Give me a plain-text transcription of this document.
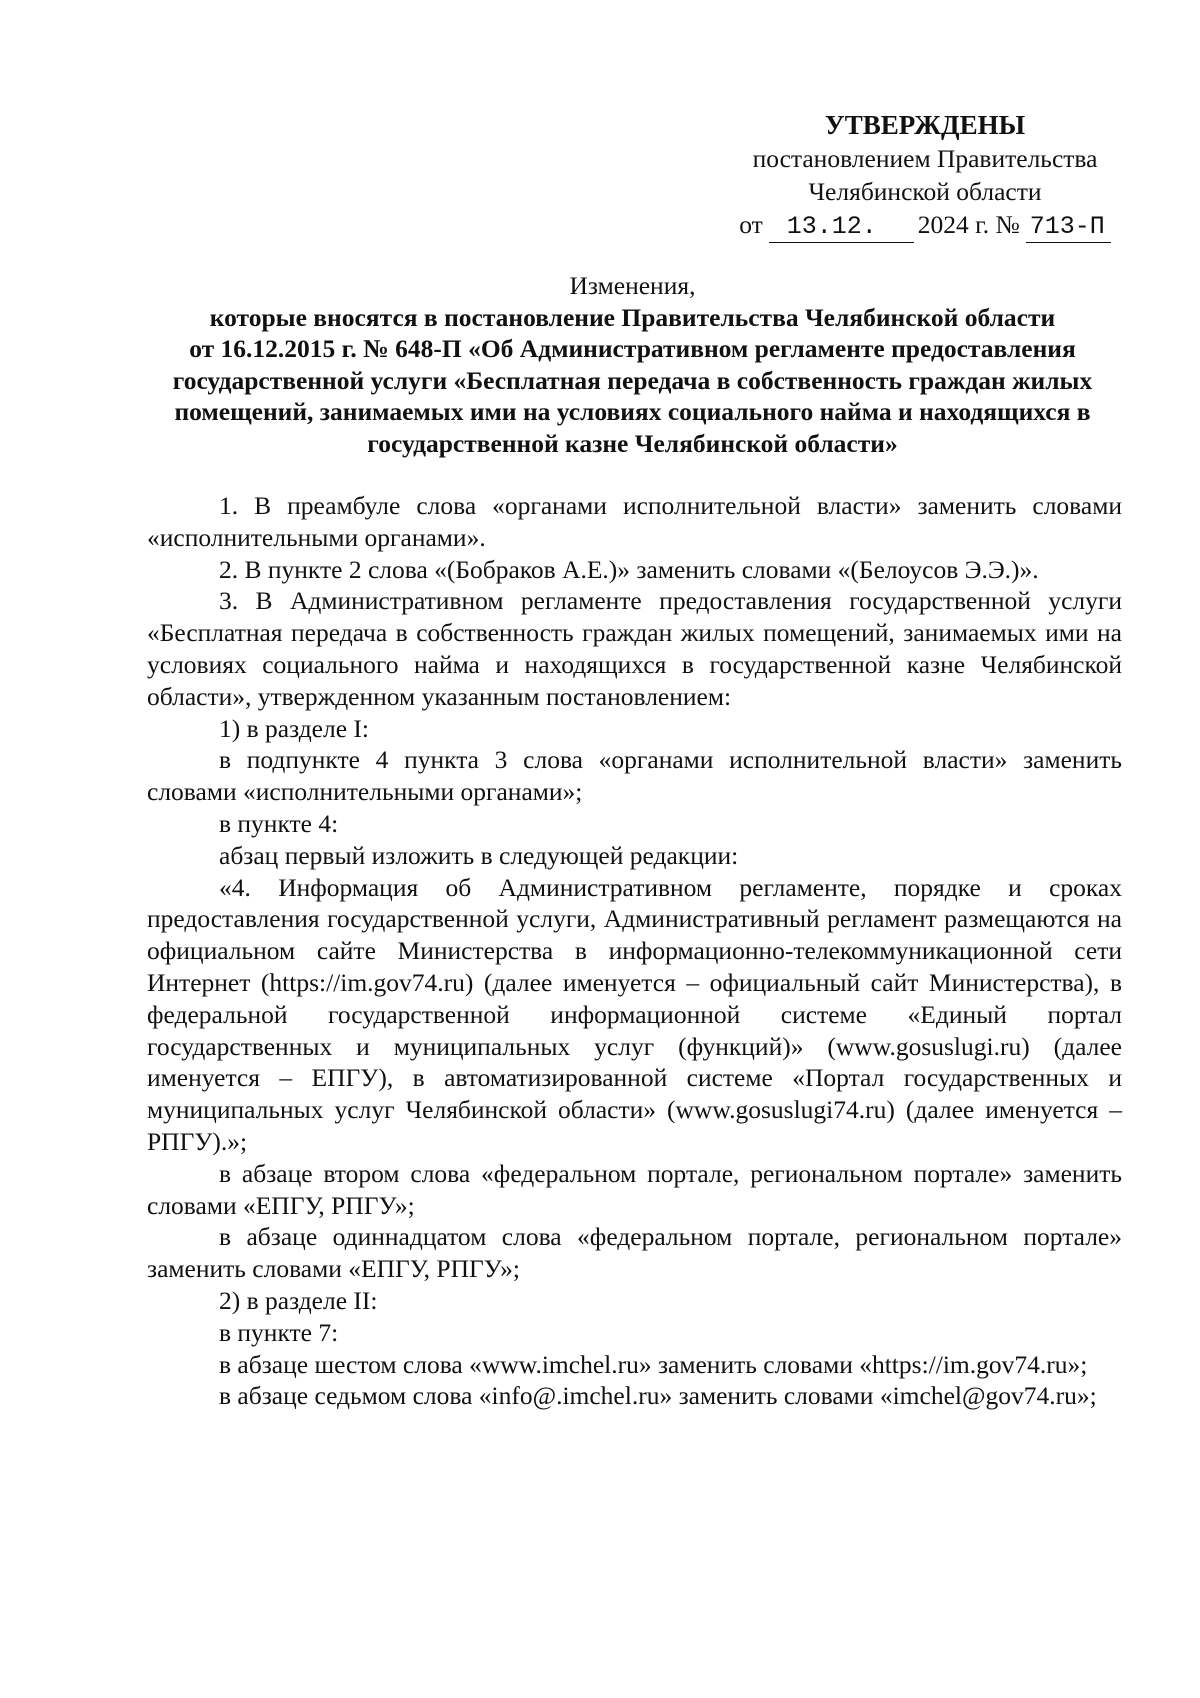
УТВЕРЖДЕНЫ
постановлением Правительства
Челябинской области
от 13.12.	2024 г. № 713-П
Изменения,
которые вносятся в постановление Правительства Челябинской области
от 16.12.2015 г. № 648-П «Об Административном регламенте предоставления
государственной услуги «Бесплатная передача в собственность граждан жилых
помещений, занимаемых ими на условиях социального найма и находящихся в
государственной казне Челябинской области»

1. В преамбуле слова «органами исполнительной власти» заменить словами «исполнительными органами».

2. В пункте 2 слова «(Бобраков А.Е.)» заменить словами «(Белоусов Э.Э.)».

3. В Административном регламенте предоставления государственной услуги «Бесплатная передача в собственность граждан жилых помещений, занимаемых ими на условиях социального найма и находящихся в государственной казне Челябинской области», утвержденном указанным постановлением:

1) в разделе I:

в подпункте 4 пункта 3 слова «органами исполнительной власти» заменить словами «исполнительными органами»;

в пункте 4:

абзац первый изложить в следующей редакции:

«4. Информация об Административном регламенте, порядке и сроках предоставления государственной услуги, Административный регламент размещаются на официальном сайте Министерства в информационно-телекоммуникационной сети Интернет (https://im.gov74.ru) (далее именуется – официальный сайт Министерства), в федеральной государственной информационной системе «Единый портал государственных и муниципальных услуг (функций)» (www.gosuslugi.ru) (далее именуется – ЕПГУ), в автоматизированной системе «Портал государственных и муниципальных услуг Челябинской области» (www.gosuslugi74.ru) (далее именуется – РПГУ).»;

в абзаце втором слова «федеральном портале, региональном портале» заменить словами «ЕПГУ, РПГУ»;

в абзаце одиннадцатом слова «федеральном портале, региональном портале» заменить словами «ЕПГУ, РПГУ»;

2) в разделе II:

в пункте 7:

в абзаце шестом слова «www.imchel.ru» заменить словами «https://im.gov74.ru»;

в абзаце седьмом слова «info@.imchel.ru» заменить словами «imchel@gov74.ru»;
